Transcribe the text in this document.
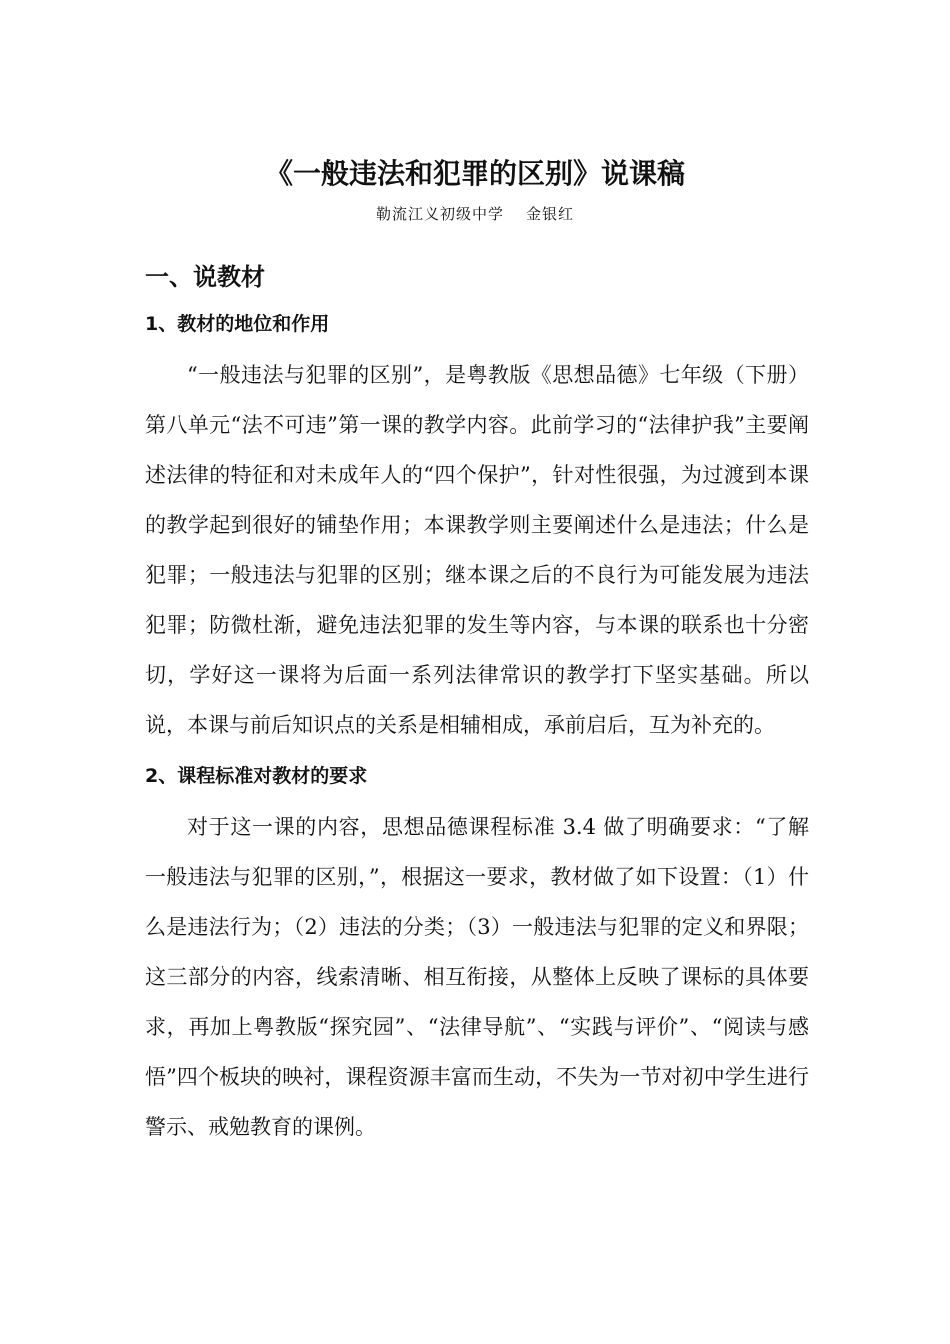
《一般违法和犯罪的区别》说课稿
勒流江义初级中学 金银红
一、说教材
1、教材的地位和作用

“一般违法与犯罪的区别”，是粤教版《思想品德》七年级（下册）第八单元“法不可违”第一课的教学内容。此前学习的“法律护我”主要阐述法律的特征和对未成年人的“四个保护”，针对性很强，为过渡到本课的教学起到很好的铺垫作用；本课教学则主要阐述什么是违法；什么是犯罪；一般违法与犯罪的区别；继本课之后的不良行为可能发展为违法犯罪；防微杜渐，避免违法犯罪的发生等内容，与本课的联系也十分密切，学好这一课将为后面一系列法律常识的教学打下坚实基础。所以说，本课与前后知识点的关系是相辅相成，承前启后，互为补充的。

2、课程标准对教材的要求

对于这一课的内容，思想品德课程标准 3.4 做了明确要求：“了解一般违法与犯罪的区别，”，根据这一要求，教材做了如下设置：（1）什么是违法行为；（2）违法的分类；（3）一般违法与犯罪的定义和界限；这三部分的内容，线索清晰、相互衔接，从整体上反映了课标的具体要求，再加上粤教版“探究园”、“法律导航”、“实践与评价”、“阅读与感悟”四个板块的映衬，课程资源丰富而生动，不失为一节对初中学生进行警示、戒勉教育的课例。
